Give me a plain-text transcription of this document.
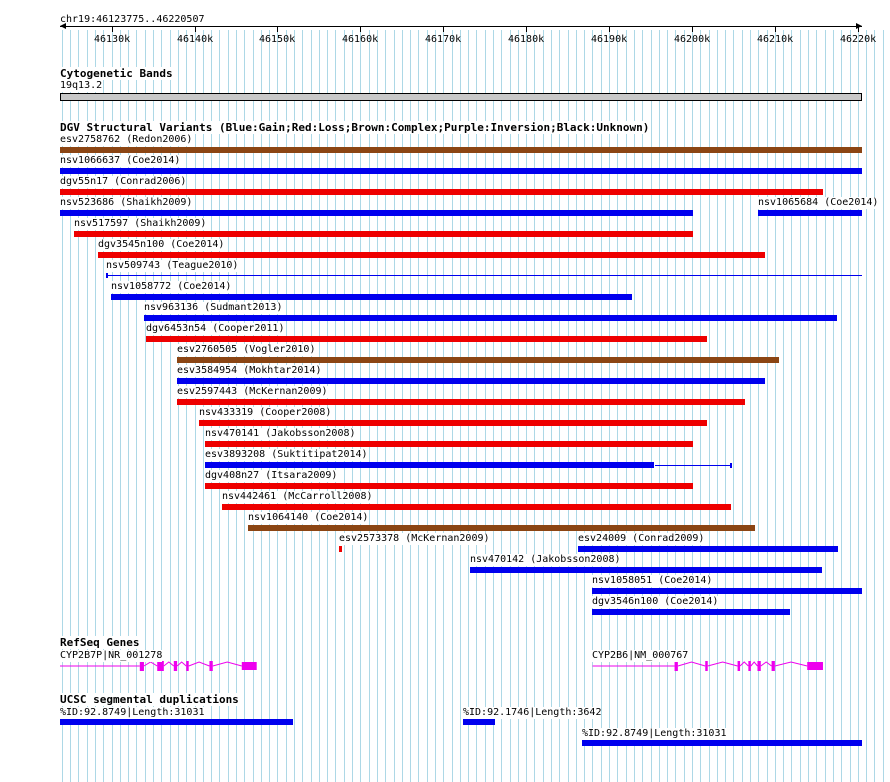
chr19:46123775..46220507
46130k	46140k	46150k	46160k	46170k	46180k	46190k	46200k	46210k	46220k
Cytogenetic Bands
19q13.2
DGV Structural Variants (Blue:Gain;Red:Loss;Brown:Complex;Purple:Inversion;Black:Unknown)
esv2758762 (Redon2006)
nsv1066637 (Coe2014)
dgv55n17 (Conrad2006)
nsv523686 (Shaikh2009)	nsv1065684 (Coe2014)
nsv517597 (Shaikh2009)
dgv3545n100 (Coe2014)
nsv509743 (Teague2010)
nsv1058772 (Coe2014)
nsv963136 (Sudmant2013)
dgv6453n54 (Cooper2011)
esv2760505 (Vogler2010)
esv3584954 (Mokhtar2014)
esv2597443 (McKernan2009)
nsv433319 (Cooper2008)
nsv470141 (Jakobsson2008)
esv3893208 (Suktitipat2014)
dgv408n27 (Itsara2009)
nsv442461 (McCarroll2008)
nsv1064140 (Coe2014)
esv2573378 (McKernan2009)	esv24009 (Conrad2009)
nsv470142 (Jakobsson2008)
nsv1058051 (Coe2014)
dgv3546n100 (Coe2014)
RefSeq Genes
CYP2B7P|NR_001278	CYP2B6|NM_000767
UCSC segmental duplications
%ID:92.8749|Length:31031	%ID:92.1746|Length:3642
%ID:92.8749|Length:31031
